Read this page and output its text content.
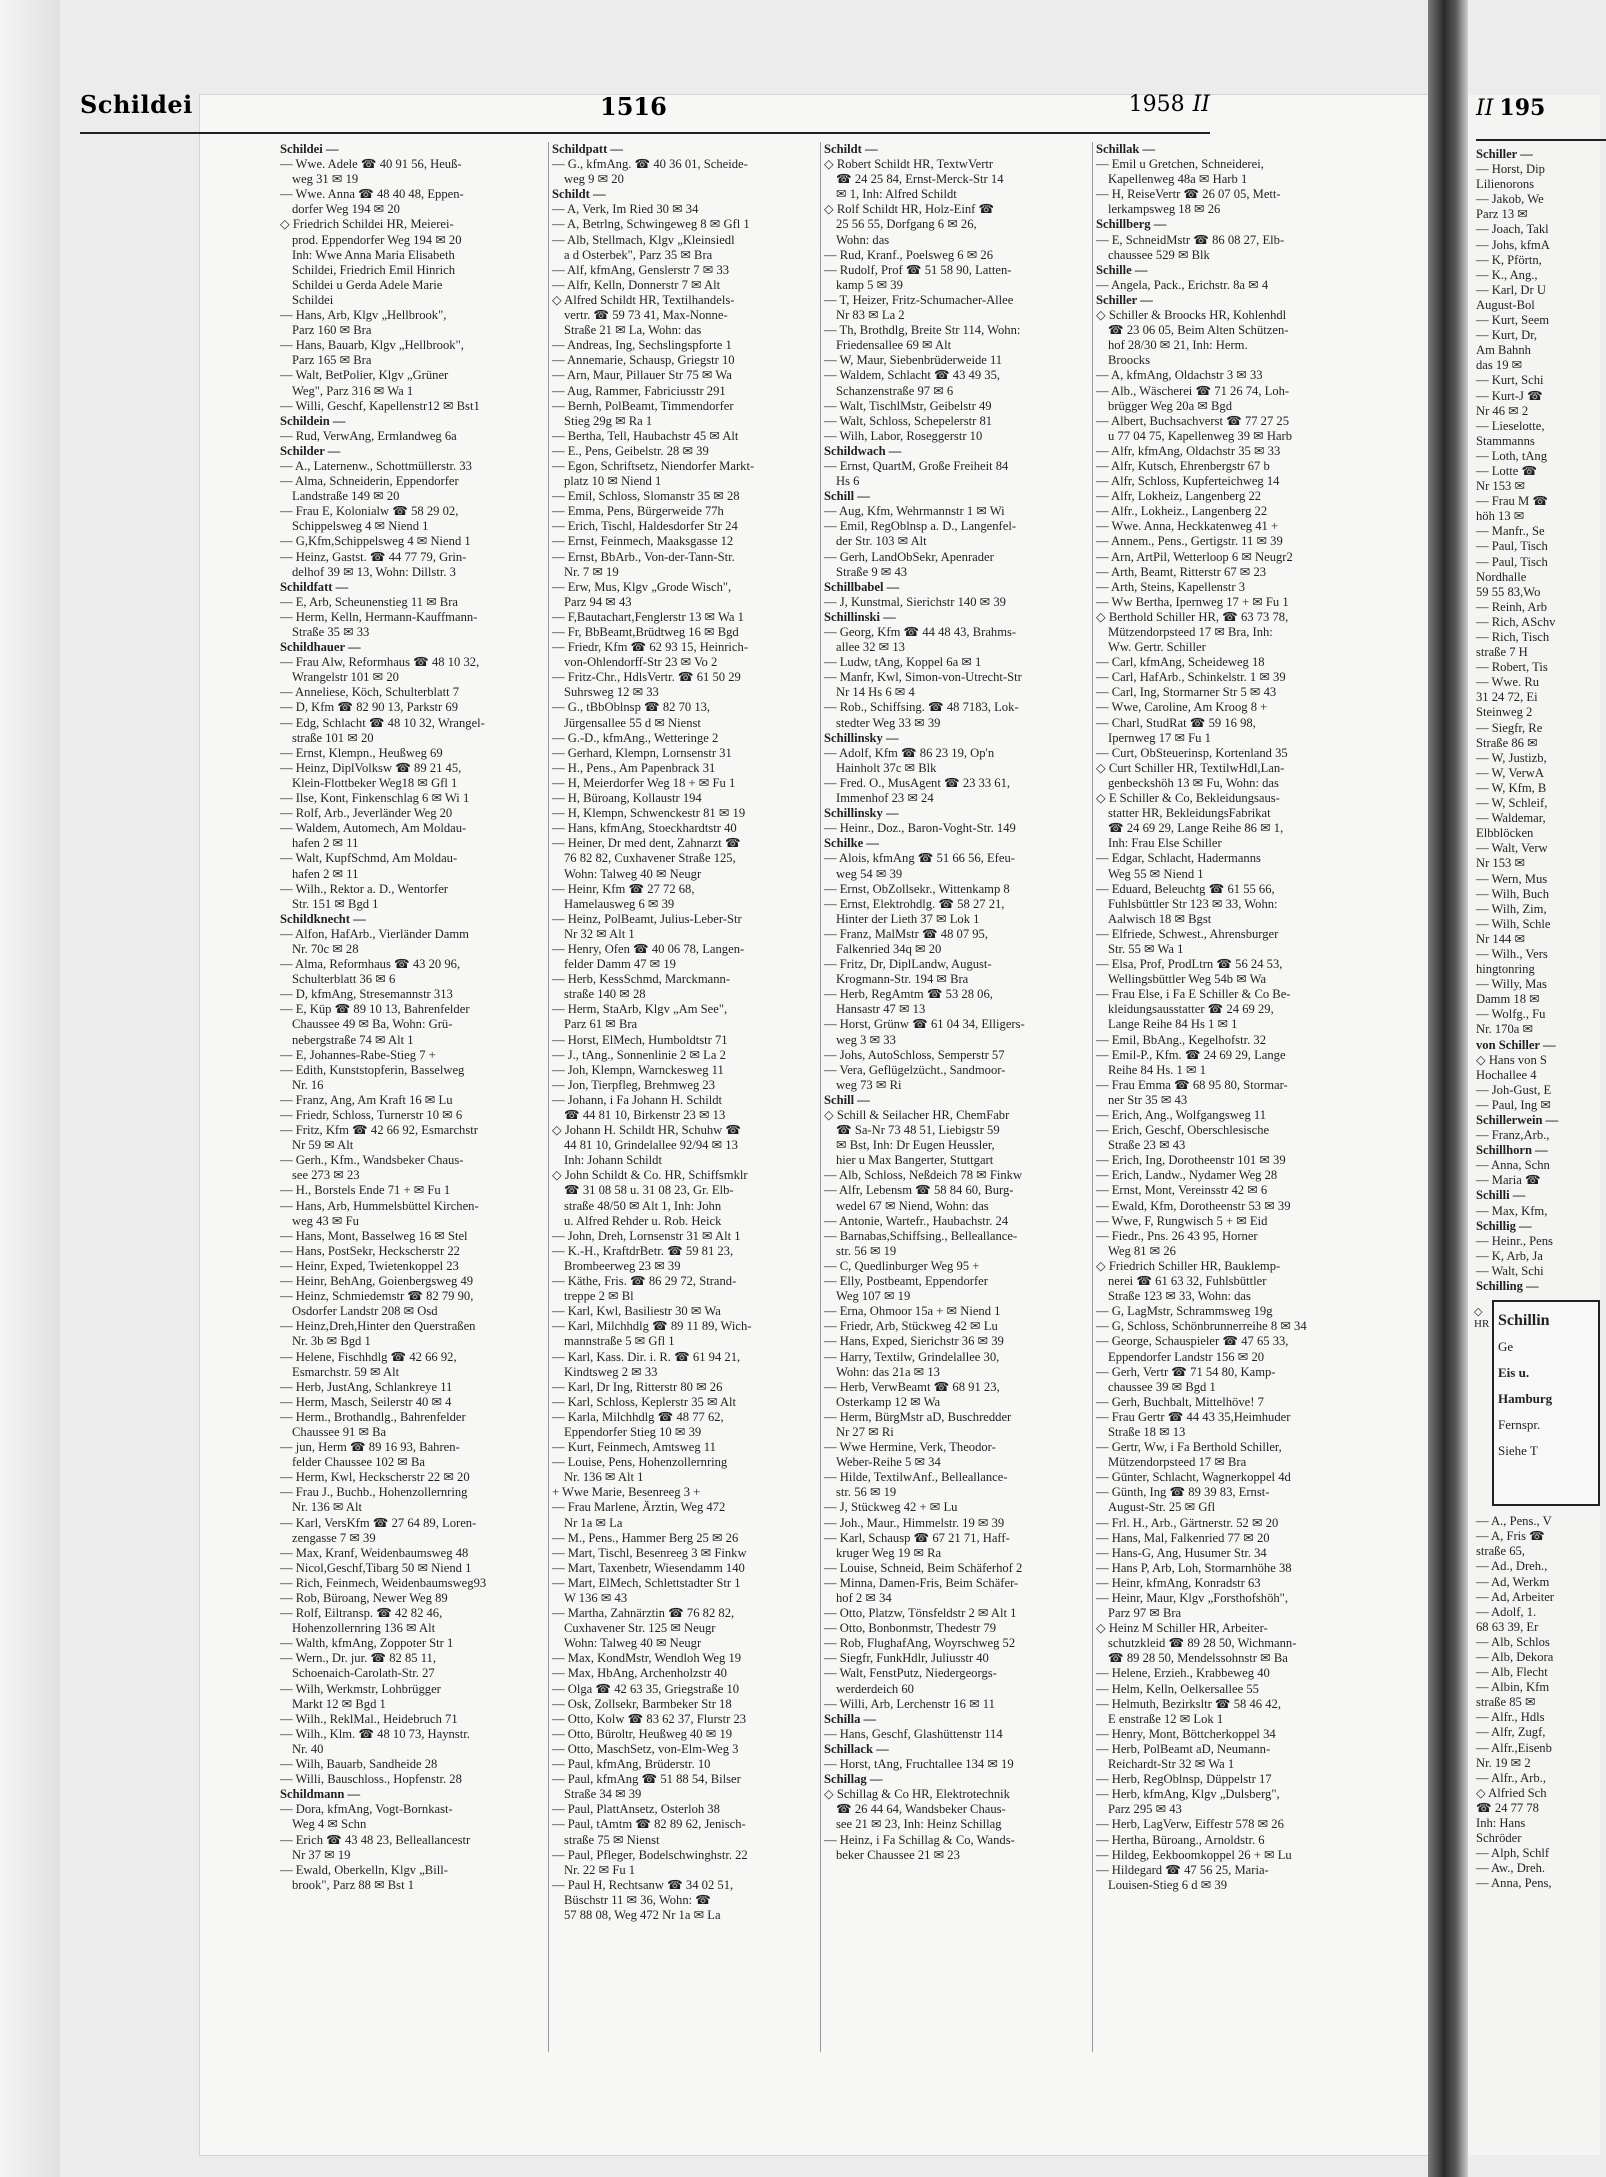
Schildei	1516	1958 II
Schildei —
— Wwe. Adele ☎ 40 91 56, Heuß-
weg 31 ✉ 19
— Wwe. Anna ☎ 48 40 48, Eppen-
dorfer Weg 194 ✉ 20
◇ Friedrich Schildei HR, Meierei-
prod. Eppendorfer Weg 194 ✉ 20
Inh: Wwe Anna Maria Elisabeth
Schildei, Friedrich Emil Hinrich
Schildei u Gerda Adele Marie
Schildei
— Hans, Arb, Klgv „Hellbrook",
Parz 160 ✉ Bra
— Hans, Bauarb, Klgv „Hellbrook",
Parz 165 ✉ Bra
— Walt, BetPolier, Klgv „Grüner
Weg", Parz 316 ✉ Wa 1
— Willi, Geschf, Kapellenstr12 ✉ Bst1
Schildein —
— Rud, VerwAng, Ermlandweg 6a
Schilder —
— A., Laternenw., Schottmüllerstr. 33
— Alma, Schneiderin, Eppendorfer
Landstraße 149 ✉ 20
— Frau E, Kolonialw ☎ 58 29 02,
Schippelsweg 4 ✉ Niend 1
— G,Kfm,Schippelsweg 4 ✉ Niend 1
— Heinz, Gastst. ☎ 44 77 79, Grin-
delhof 39 ✉ 13, Wohn: Dillstr. 3
Schildfatt —
— E, Arb, Scheunenstieg 11 ✉ Bra
— Herm, Kelln, Hermann-Kauffmann-
Straße 35 ✉ 33
Schildhauer —
— Frau Alw, Reformhaus ☎ 48 10 32,
Wrangelstr 101 ✉ 20
— Anneliese, Köch, Schulterblatt 7
— D, Kfm ☎ 82 90 13, Parkstr 69
— Edg, Schlacht ☎ 48 10 32, Wrangel-
straße 101 ✉ 20
— Ernst, Klempn., Heußweg 69
— Heinz, DiplVolksw ☎ 89 21 45,
Klein-Flottbeker Weg18 ✉ Gfl 1
— Ilse, Kont, Finkenschlag 6 ✉ Wi 1
— Rolf, Arb., Jeverländer Weg 20
— Waldem, Automech, Am Moldau-
hafen 2 ✉ 11
— Walt, KupfSchmd, Am Moldau-
hafen 2 ✉ 11
— Wilh., Rektor a. D., Wentorfer
Str. 151 ✉ Bgd 1
Schildknecht —
— Alfon, HafArb., Vierländer Damm
Nr. 70c ✉ 28
— Alma, Reformhaus ☎ 43 20 96,
Schulterblatt 36 ✉ 6
— D, kfmAng, Stresemannstr 313
— E, Küp ☎ 89 10 13, Bahrenfelder
Chaussee 49 ✉ Ba, Wohn: Grü-
nebergstraße 74 ✉ Alt 1
— E, Johannes-Rabe-Stieg 7 +
— Edith, Kunststopferin, Basselweg
Nr. 16
— Franz, Ang, Am Kraft 16 ✉ Lu
— Friedr, Schloss, Turnerstr 10 ✉ 6
— Fritz, Kfm ☎ 42 66 92, Esmarchstr
Nr 59 ✉ Alt
— Gerh., Kfm., Wandsbeker Chaus-
see 273 ✉ 23
— H., Borstels Ende 71 + ✉ Fu 1
— Hans, Arb, Hummelsbüttel Kirchen-
weg 43 ✉ Fu
— Hans, Mont, Basselweg 16 ✉ Stel
— Hans, PostSekr, Heckscherstr 22
— Heinr, Exped, Twietenkoppel 23
— Heinr, BehAng, Goienbergsweg 49
— Heinz, Schmiedemstr ☎ 82 79 90,
Osdorfer Landstr 208 ✉ Osd
— Heinz,Dreh,Hinter den Querstraßen
Nr. 3b ✉ Bgd 1
— Helene, Fischhdlg ☎ 42 66 92,
Esmarchstr. 59 ✉ Alt
— Herb, JustAng, Schlankreye 11
— Herm, Masch, Seilerstr 40 ✉ 4
— Herm., Brothandlg., Bahrenfelder
Chaussee 91 ✉ Ba
— jun, Herm ☎ 89 16 93, Bahren-
felder Chaussee 102 ✉ Ba
— Herm, Kwl, Heckscherstr 22 ✉ 20
— Frau J., Buchb., Hohenzollernring
Nr. 136 ✉ Alt
— Karl, VersKfm ☎ 27 64 89, Loren-
zengasse 7 ✉ 39
— Max, Kranf, Weidenbaumsweg 48
— Nicol,Geschf,Tibarg 50 ✉ Niend 1
— Rich, Feinmech, Weidenbaumsweg93
— Rob, Büroang, Newer Weg 89
— Rolf, Eiltransp. ☎ 42 82 46,
Hohenzollernring 136 ✉ Alt
— Walth, kfmAng, Zoppoter Str 1
— Wern., Dr. jur. ☎ 82 85 11,
Schoenaich-Carolath-Str. 27
— Wilh, Werkmstr, Lohbrügger
Markt 12 ✉ Bgd 1
— Wilh., ReklMal., Heidebruch 71
— Wilh., Klm. ☎ 48 10 73, Haynstr.
Nr. 40
— Wilh, Bauarb, Sandheide 28
— Willi, Bauschloss., Hopfenstr. 28
Schildmann —
— Dora, kfmAng, Vogt-Bornkast-
Weg 4 ✉ Schn
— Erich ☎ 43 48 23, Belleallancestr
Nr 37 ✉ 19
— Ewald, Oberkelln, Klgv „Bill-
brook", Parz 88 ✉ Bst 1
Schildpatt —
— G., kfmAng. ☎ 40 36 01, Scheide-
weg 9 ✉ 20
Schildt —
— A, Verk, Im Ried 30 ✉ 34
— A, Betrlng, Schwingeweg 8 ✉ Gfl 1
— Alb, Stellmach, Klgv „Kleinsiedl
a d Osterbek", Parz 35 ✉ Bra
— Alf, kfmAng, Genslerstr 7 ✉ 33
— Alfr, Kelln, Donnerstr 7 ✉ Alt
◇ Alfred Schildt HR, Textilhandels-
vertr. ☎ 59 73 41, Max-Nonne-
Straße 21 ✉ La, Wohn: das
— Andreas, Ing, Sechslingspforte 1
— Annemarie, Schausp, Griegstr 10
— Arn, Maur, Pillauer Str 75 ✉ Wa
— Aug, Rammer, Fabriciusstr 291
— Bernh, PolBeamt, Timmendorfer
Stieg 29g ✉ Ra 1
— Bertha, Tell, Haubachstr 45 ✉ Alt
— E., Pens, Geibelstr. 28 ✉ 39
— Egon, Schriftsetz, Niendorfer Markt-
platz 10 ✉ Niend 1
— Emil, Schloss, Slomanstr 35 ✉ 28
— Emma, Pens, Bürgerweide 77h
— Erich, Tischl, Haldesdorfer Str 24
— Ernst, Feinmech, Maaksgasse 12
— Ernst, BbArb., Von-der-Tann-Str.
Nr. 7 ✉ 19
— Erw, Mus, Klgv „Grode Wisch",
Parz 94 ✉ 43
— F,Bautachart,Fenglerstr 13 ✉ Wa 1
— Fr, BbBeamt,Brüdtweg 16 ✉ Bgd
— Friedr, Kfm ☎ 62 93 15, Heinrich-
von-Ohlendorff-Str 23 ✉ Vo 2
— Fritz-Chr., HdlsVertr. ☎ 61 50 29
Suhrsweg 12 ✉ 33
— G., tBbOblnsp ☎ 82 70 13,
Jürgensallee 55 d ✉ Nienst
— G.-D., kfmAng., Wetteringe 2
— Gerhard, Klempn, Lornsenstr 31
— H., Pens., Am Papenbrack 31
— H, Meierdorfer Weg 18 + ✉ Fu 1
— H, Büroang, Kollaustr 194
— H, Klempn, Schwenckestr 81 ✉ 19
— Hans, kfmAng, Stoeckhardtstr 40
— Heiner, Dr med dent, Zahnarzt ☎
76 82 82, Cuxhavener Straße 125,
Wohn: Talweg 40 ✉ Neugr
— Heinr, Kfm ☎ 27 72 68,
Hamelausweg 6 ✉ 39
— Heinz, PolBeamt, Julius-Leber-Str
Nr 32 ✉ Alt 1
— Henry, Ofen ☎ 40 06 78, Langen-
felder Damm 47 ✉ 19
— Herb, KessSchmd, Marckmann-
straße 140 ✉ 28
— Herm, StaArb, Klgv „Am See",
Parz 61 ✉ Bra
— Horst, ElMech, Humboldtstr 71
— J., tAng., Sonnenlinie 2 ✉ La 2
— Joh, Klempn, Warnckesweg 11
— Jon, Tierpfleg, Brehmweg 23
— Johann, i Fa Johann H. Schildt
☎ 44 81 10, Birkenstr 23 ✉ 13
◇ Johann H. Schildt HR, Schuhw ☎
44 81 10, Grindelallee 92/94 ✉ 13
Inh: Johann Schildt
◇ John Schildt & Co. HR, Schiffsmklr
☎ 31 08 58 u. 31 08 23, Gr. Elb-
straße 48/50 ✉ Alt 1, Inh: John
u. Alfred Rehder u. Rob. Heick
— John, Dreh, Lornsenstr 31 ✉ Alt 1
— K.-H., KraftdrBetr. ☎ 59 81 23,
Brombeerweg 23 ✉ 39
— Käthe, Fris. ☎ 86 29 72, Strand-
treppe 2 ✉ Bl
— Karl, Kwl, Basiliestr 30 ✉ Wa
— Karl, Milchhdlg ☎ 89 11 89, Wich-
mannstraße 5 ✉ Gfl 1
— Karl, Kass. Dir. i. R. ☎ 61 94 21,
Kindtsweg 2 ✉ 33
— Karl, Dr Ing, Ritterstr 80 ✉ 26
— Karl, Schloss, Keplerstr 35 ✉ Alt
— Karla, Milchhdlg ☎ 48 77 62,
Eppendorfer Stieg 10 ✉ 39
— Kurt, Feinmech, Amtsweg 11
— Louise, Pens, Hohenzollernring
Nr. 136 ✉ Alt 1
+ Wwe Marie, Besenreeg 3 +
— Frau Marlene, Ärztin, Weg 472
Nr 1a ✉ La
— M., Pens., Hammer Berg 25 ✉ 26
— Mart, Tischl, Besenreeg 3 ✉ Finkw
— Mart, Taxenbetr, Wiesendamm 140
— Mart, ElMech, Schlettstadter Str 1
W 136 ✉ 43
— Martha, Zahnärztin ☎ 76 82 82,
Cuxhavener Str. 125 ✉ Neugr
Wohn: Talweg 40 ✉ Neugr
— Max, KondMstr, Wendloh Weg 19
— Max, HbAng, Archenholzstr 40
— Olga ☎ 42 63 35, Griegstraße 10
— Osk, Zollsekr, Barmbeker Str 18
— Otto, Kolw ☎ 83 62 37, Flurstr 23
— Otto, Büroltr, Heußweg 40 ✉ 19
— Otto, MaschSetz, von-Elm-Weg 3
— Paul, kfmAng, Brüderstr. 10
— Paul, kfmAng ☎ 51 88 54, Bilser
Straße 34 ✉ 39
— Paul, PlattAnsetz, Osterloh 38
— Paul, tAmtm ☎ 82 89 62, Jenisch-
straße 75 ✉ Nienst
— Paul, Pfleger, Bodelschwinghstr. 22
Nr. 22 ✉ Fu 1
— Paul H, Rechtsanw ☎ 34 02 51,
Büschstr 11 ✉ 36, Wohn: ☎
57 88 08, Weg 472 Nr 1a ✉ La
Schildt —
◇ Robert Schildt HR, TextwVertr
☎ 24 25 84, Ernst-Merck-Str 14
✉ 1, Inh: Alfred Schildt
◇ Rolf Schildt HR, Holz-Einf ☎
25 56 55, Dorfgang 6 ✉ 26,
Wohn: das
— Rud, Kranf., Poelsweg 6 ✉ 26
— Rudolf, Prof ☎ 51 58 90, Latten-
kamp 5 ✉ 39
— T, Heizer, Fritz-Schumacher-Allee
Nr 83 ✉ La 2
— Th, Brothdlg, Breite Str 114, Wohn:
Friedensallee 69 ✉ Alt
— W, Maur, Siebenbrüderweide 11
— Waldem, Schlacht ☎ 43 49 35,
Schanzenstraße 97 ✉ 6
— Walt, TischlMstr, Geibelstr 49
— Walt, Schloss, Schepelerstr 81
— Wilh, Labor, Roseggerstr 10
Schildwach —
— Ernst, QuartM, Große Freiheit 84
Hs 6
Schill —
— Aug, Kfm, Wehrmannstr 1 ✉ Wi
— Emil, RegOblnsp a. D., Langenfel-
der Str. 103 ✉ Alt
— Gerh, LandObSekr, Apenrader
Straße 9 ✉ 43
Schillbabel —
— J, Kunstmal, Sierichstr 140 ✉ 39
Schillinski —
— Georg, Kfm ☎ 44 48 43, Brahms-
allee 32 ✉ 13
— Ludw, tAng, Koppel 6a ✉ 1
— Manfr, Kwl, Simon-von-Utrecht-Str
Nr 14 Hs 6 ✉ 4
— Rob., Schiffsing. ☎ 48 7183, Lok-
stedter Weg 33 ✉ 39
Schillinsky —
— Adolf, Kfm ☎ 86 23 19, Op'n
Hainholt 37c ✉ Blk
— Fred. O., MusAgent ☎ 23 33 61,
Immenhof 23 ✉ 24
Schillinsky —
— Heinr., Doz., Baron-Voght-Str. 149
Schilke —
— Alois, kfmAng ☎ 51 66 56, Efeu-
weg 54 ✉ 39
— Ernst, ObZollsekr., Wittenkamp 8
— Ernst, Elektrohdlg. ☎ 58 27 21,
Hinter der Lieth 37 ✉ Lok 1
— Franz, MalMstr ☎ 48 07 95,
Falkenried 34q ✉ 20
— Fritz, Dr, DiplLandw, August-
Krogmann-Str. 194 ✉ Bra
— Herb, RegAmtm ☎ 53 28 06,
Hansastr 47 ✉ 13
— Horst, Grünw ☎ 61 04 34, Elligers-
weg 3 ✉ 33
— Johs, AutoSchloss, Semperstr 57
— Vera, Geflügelzücht., Sandmoor-
weg 73 ✉ Ri
Schill —
◇ Schill & Seilacher HR, ChemFabr
☎ Sa-Nr 73 48 51, Liebigstr 59
✉ Bst, Inh: Dr Eugen Heussler,
hier u Max Bangerter, Stuttgart
— Alb, Schloss, Neßdeich 78 ✉ Finkw
— Alfr, Lebensm ☎ 58 84 60, Burg-
wedel 67 ✉ Niend, Wohn: das
— Antonie, Wartefr., Haubachstr. 24
— Barnabas,Schiffsing., Belleallance-
str. 56 ✉ 19
— C, Quedlinburger Weg 95 +
— Elly, Postbeamt, Eppendorfer
Weg 107 ✉ 19
— Erna, Ohmoor 15a + ✉ Niend 1
— Friedr, Arb, Stückweg 42 ✉ Lu
— Hans, Exped, Sierichstr 36 ✉ 39
— Harry, Textilw, Grindelallee 30,
Wohn: das 21a ✉ 13
— Herb, VerwBeamt ☎ 68 91 23,
Osterkamp 12 ✉ Wa
— Herm, BürgMstr aD, Buschredder
Nr 27 ✉ Ri
— Wwe Hermine, Verk, Theodor-
Weber-Reihe 5 ✉ 34
— Hilde, TextilwAnf., Belleallance-
str. 56 ✉ 19
— J, Stückweg 42 + ✉ Lu
— Joh., Maur., Himmelstr. 19 ✉ 39
— Karl, Schausp ☎ 67 21 71, Haff-
kruger Weg 19 ✉ Ra
— Louise, Schneid, Beim Schäferhof 2
— Minna, Damen-Fris, Beim Schäfer-
hof 2 ✉ 34
— Otto, Platzw, Tönsfeldstr 2 ✉ Alt 1
— Otto, Bonbonmstr, Thedestr 79
— Rob, FlughafAng, Woyrschweg 52
— Siegfr, FunkHdlr, Juliusstr 40
— Walt, FenstPutz, Niedergeorgs-
werderdeich 60
— Willi, Arb, Lerchenstr 16 ✉ 11
Schilla —
— Hans, Geschf, Glashüttenstr 114
Schillack —
— Horst, tAng, Fruchtallee 134 ✉ 19
Schillag —
◇ Schillag & Co HR, Elektrotechnik
☎ 26 44 64, Wandsbeker Chaus-
see 21 ✉ 23, Inh: Heinz Schillag
— Heinz, i Fa Schillag & Co, Wands-
beker Chaussee 21 ✉ 23
Schillak —
— Emil u Gretchen, Schneiderei,
Kapellenweg 48a ✉ Harb 1
— H, ReiseVertr ☎ 26 07 05, Mett-
lerkampsweg 18 ✉ 26
Schillberg —
— E, SchneidMstr ☎ 86 08 27, Elb-
chaussee 529 ✉ Blk
Schille —
— Angela, Pack., Erichstr. 8a ✉ 4
Schiller —
◇ Schiller & Broocks HR, Kohlenhdl
☎ 23 06 05, Beim Alten Schützen-
hof 28/30 ✉ 21, Inh: Herm.
Broocks
— A, kfmAng, Oldachstr 3 ✉ 33
— Alb., Wäscherei ☎ 71 26 74, Loh-
brügger Weg 20a ✉ Bgd
— Albert, Buchsachverst ☎ 77 27 25
u 77 04 75, Kapellenweg 39 ✉ Harb
— Alfr, kfmAng, Oldachstr 35 ✉ 33
— Alfr, Kutsch, Ehrenbergstr 67 b
— Alfr, Schloss, Kupferteichweg 14
— Alfr, Lokheiz, Langenberg 22
— Alfr., Lokheiz., Langenberg 22
— Wwe. Anna, Heckkatenweg 41 +
— Annem., Pens., Gertigstr. 11 ✉ 39
— Arn, ArtPil, Wetterloop 6 ✉ Neugr2
— Arth, Beamt, Ritterstr 67 ✉ 23
— Arth, Steins, Kapellenstr 3
— Ww Bertha, Ipernweg 17 + ✉ Fu 1
◇ Berthold Schiller HR, ☎ 63 73 78,
Mützendorpsteed 17 ✉ Bra, Inh:
Ww. Gertr. Schiller
— Carl, kfmAng, Scheideweg 18
— Carl, HafArb., Schinkelstr. 1 ✉ 39
— Carl, Ing, Stormarner Str 5 ✉ 43
— Wwe, Caroline, Am Kroog 8 +
— Charl, StudRat ☎ 59 16 98,
Ipernweg 17 ✉ Fu 1
— Curt, ObSteuerinsp, Kortenland 35
◇ Curt Schiller HR, TextilwHdl,Lan-
genbeckshöh 13 ✉ Fu, Wohn: das
◇ E Schiller & Co, Bekleidungsaus-
statter HR, BekleidungsFabrikat
☎ 24 69 29, Lange Reihe 86 ✉ 1,
Inh: Frau Else Schiller
— Edgar, Schlacht, Hadermanns
Weg 55 ✉ Niend 1
— Eduard, Beleuchtg ☎ 61 55 66,
Fuhlsbüttler Str 123 ✉ 33, Wohn:
Aalwisch 18 ✉ Bgst
— Elfriede, Schwest., Ahrensburger
Str. 55 ✉ Wa 1
— Elsa, Prof, ProdLtrn ☎ 56 24 53,
Wellingsbüttler Weg 54b ✉ Wa
— Frau Else, i Fa E Schiller & Co Be-
kleidungsausstatter ☎ 24 69 29,
Lange Reihe 84 Hs 1 ✉ 1
— Emil, BbAng., Kegelhofstr. 32
— Emil-P., Kfm. ☎ 24 69 29, Lange
Reihe 84 Hs. 1 ✉ 1
— Frau Emma ☎ 68 95 80, Stormar-
ner Str 35 ✉ 43
— Erich, Ang., Wolfgangsweg 11
— Erich, Geschf, Oberschlesische
Straße 23 ✉ 43
— Erich, Ing, Dorotheenstr 101 ✉ 39
— Erich, Landw., Nydamer Weg 28
— Ernst, Mont, Vereinsstr 42 ✉ 6
— Ewald, Kfm, Dorotheenstr 53 ✉ 39
— Wwe, F, Rungwisch 5 + ✉ Eid
— Fiedr., Pns. 26 43 95, Horner
Weg 81 ✉ 26
◇ Friedrich Schiller HR, Bauklemp-
nerei ☎ 61 63 32, Fuhlsbüttler
Straße 123 ✉ 33, Wohn: das
— G, LagMstr, Schrammsweg 19g
— G, Schloss, Schönbrunnerreihe 8 ✉ 34
— George, Schauspieler ☎ 47 65 33,
Eppendorfer Landstr 156 ✉ 20
— Gerh, Vertr ☎ 71 54 80, Kamp-
chaussee 39 ✉ Bgd 1
— Gerh, Buchbalt, Mittelhöve! 7
— Frau Gertr ☎ 44 43 35,Heimhuder
Straße 18 ✉ 13
— Gertr, Ww, i Fa Berthold Schiller,
Mützendorpsteed 17 ✉ Bra
— Günter, Schlacht, Wagnerkoppel 4d
— Günth, Ing ☎ 89 39 83, Ernst-
August-Str. 25 ✉ Gfl
— Frl. H., Arb., Gärtnerstr. 52 ✉ 20
— Hans, Mal, Falkenried 77 ✉ 20
— Hans-G, Ang, Husumer Str. 34
— Hans P, Arb, Loh, Stormarnhöhe 38
— Heinr, kfmAng, Konradstr 63
— Heinr, Maur, Klgv „Forsthofshöh",
Parz 97 ✉ Bra
◇ Heinz M Schiller HR, Arbeiter-
schutzkleid ☎ 89 28 50, Wichmann-
☎ 89 28 50, Mendelssohnstr ✉ Ba
— Helene, Erzieh., Krabbeweg 40
— Helm, Kelln, Oelkersallee 55
— Helmuth, Bezirksltr ☎ 58 46 42,
E enstraße 12 ✉ Lok 1
— Henry, Mont, Böttcherkoppel 34
— Herb, PolBeamt aD, Neumann-
Reichardt-Str 32 ✉ Wa 1
— Herb, RegOblnsp, Düppelstr 17
— Herb, kfmAng, Klgv „Dulsberg",
Parz 295 ✉ 43
— Herb, LagVerw, Eiffestr 578 ✉ 26
— Hertha, Büroang., Arnoldstr. 6
— Hildeg, Eekboomkoppel 26 + ✉ Lu
— Hildegard ☎ 47 56 25, Maria-
Louisen-Stieg 6 d ✉ 39
II 195
Schiller —
— Horst, Dip
Lilienorons
— Jakob, We
Parz 13 ✉
— Joach, Takl
— Johs, kfmA
— K, Pförtn,
— K., Ang.,
— Karl, Dr U
August-Bol
— Kurt, Seem
— Kurt, Dr,
Am Bahnh
das 19 ✉
— Kurt, Schi
— Kurt-J ☎
Nr 46 ✉ 2
— Lieselotte,
Stammanns
— Loth, tAng
— Lotte ☎
Nr 153 ✉
— Frau M ☎
höh 13 ✉
— Manfr., Se
— Paul, Tisch
— Paul, Tisch
Nordhalle
59 55 83,Wo
— Reinh, Arb
— Rich, ASchv
— Rich, Tisch
straße 7 H
— Robert, Tis
— Wwe. Ru
31 24 72, Ei
Steinweg 2
— Siegfr, Re
Straße 86 ✉
— W, Justizb,
— W, VerwA
— W, Kfm, B
— W, Schleif,
— Waldemar,
Elbblöcken
— Walt, Verw
Nr 153 ✉
— Wern, Mus
— Wilh, Buch
— Wilh, Zim,
— Wilh, Schle
Nr 144 ✉
— Wilh., Vers
hingtonring
— Willy, Mas
Damm 18 ✉
— Wolfg., Fu
Nr. 170a ✉
von Schiller —
◇ Hans von S
Hochallee 4
— Joh-Gust, E
— Paul, Ing ✉
Schillerwein —
— Franz,Arb.,
Schillhorn —
— Anna, Schn
— Maria ☎
Schilli —
— Max, Kfm,
Schillig —
— Heinr., Pens
— K, Arb, Ja
— Walt, Schi
Schilling —
◇ HR Schillin
Ge
Eis u.
Hamburg
Fernspr.
Siehe T
— A., Pens., V
— A, Fris ☎
straße 65,
— Ad., Dreh.,
— Ad, Werkm
— Ad, Arbeiter
— Adolf, 1.
68 63 39, Er
— Alb, Schlos
— Alb, Dekora
— Alb, Flecht
— Albin, Kfm
straße 85 ✉
— Alfr., Hdls
— Alfr, Zugf,
— Alfr.,Eisenb
Nr. 19 ✉ 2
— Alfr., Arb.,
◇ Alfried Sch
☎ 24 77 78
Inh: Hans
Schröder
— Alph, Schlf
— Aw., Dreh.
— Anna, Pens,
